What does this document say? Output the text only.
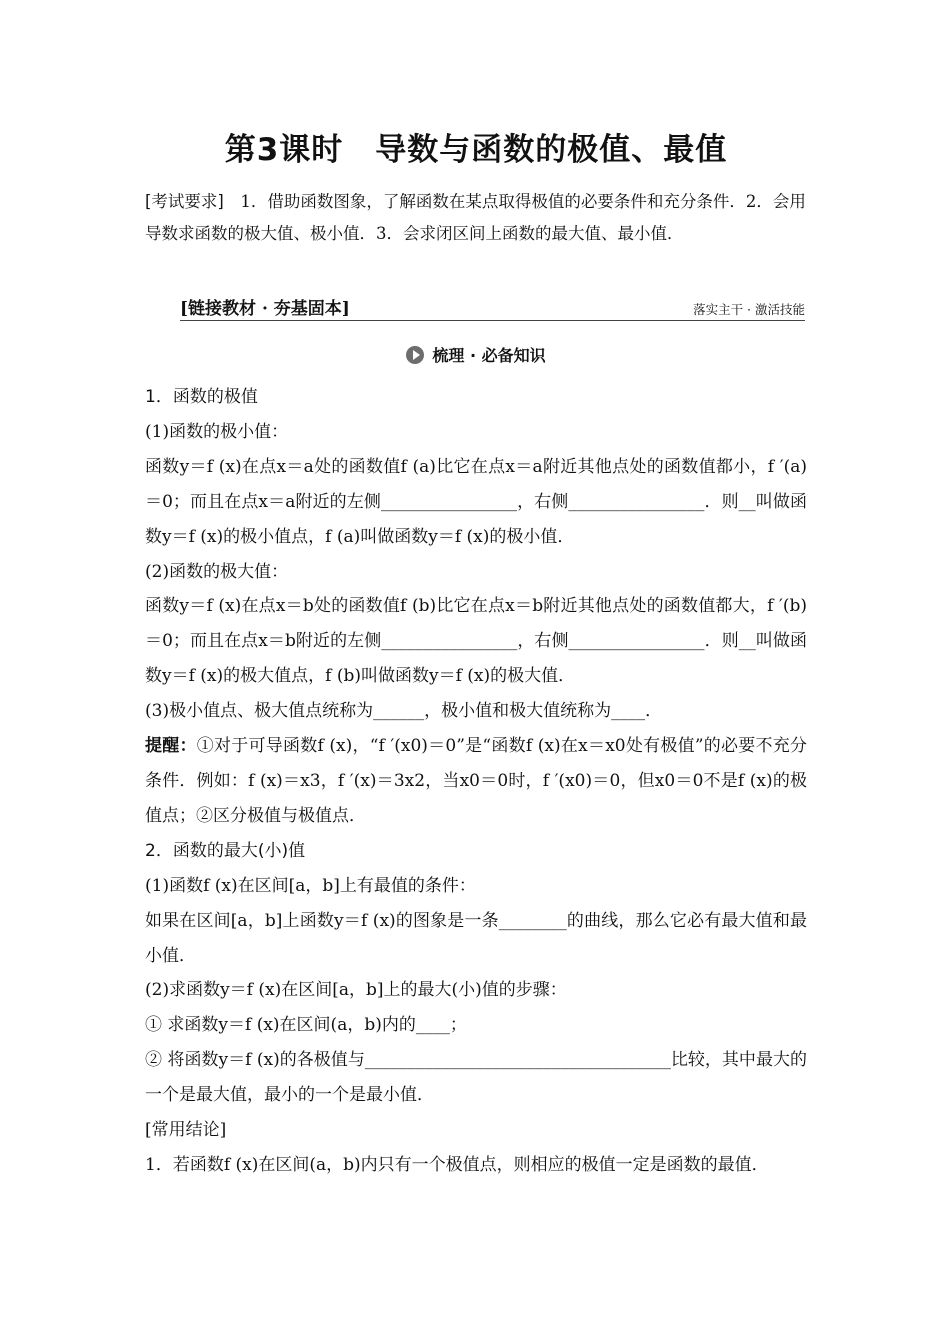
第3课时　导数与函数的极值、最值
[考试要求]　1．借助函数图象，了解函数在某点取得极值的必要条件和充分条件．2．会用导数求函数的极大值、极小值．3．会求闭区间上函数的最大值、最小值．
[链接教材 · 夯基固本]	落实主干 · 激活技能
梳理 · 必备知识

1．函数的极值

(1)函数的极小值：

函数y＝f (x)在点x＝a处的函数值f (a)比它在点x＝a附近其他点处的函数值都小，f ′(a)＝0；而且在点x＝a附近的左侧________________，右侧________________．则__叫做函数y＝f (x)的极小值点，f (a)叫做函数y＝f (x)的极小值．

(2)函数的极大值：

函数y＝f (x)在点x＝b处的函数值f (b)比它在点x＝b附近其他点处的函数值都大，f ′(b)＝0；而且在点x＝b附近的左侧________________，右侧________________．则__叫做函数y＝f (x)的极大值点，f (b)叫做函数y＝f (x)的极大值．

(3)极小值点、极大值点统称为______，极小值和极大值统称为____．

提醒：①对于可导函数f (x)，“f ′(x0)＝0”是“函数f (x)在x＝x0处有极值”的必要不充分条件．例如：f (x)＝x3，f ′(x)＝3x2，当x0＝0时，f ′(x0)＝0，但x0＝0不是f (x)的极值点；②区分极值与极值点．

2．函数的最大(小)值

(1)函数f (x)在区间[a，b]上有最值的条件：

如果在区间[a，b]上函数y＝f (x)的图象是一条________的曲线，那么它必有最大值和最小值．

(2)求函数y＝f (x)在区间[a，b]上的最大(小)值的步骤：

① 求函数y＝f (x)在区间(a，b)内的____；

② 将函数y＝f (x)的各极值与____________________________________比较，其中最大的一个是最大值，最小的一个是最小值．

[常用结论]

1．若函数f (x)在区间(a，b)内只有一个极值点，则相应的极值一定是函数的最值．
